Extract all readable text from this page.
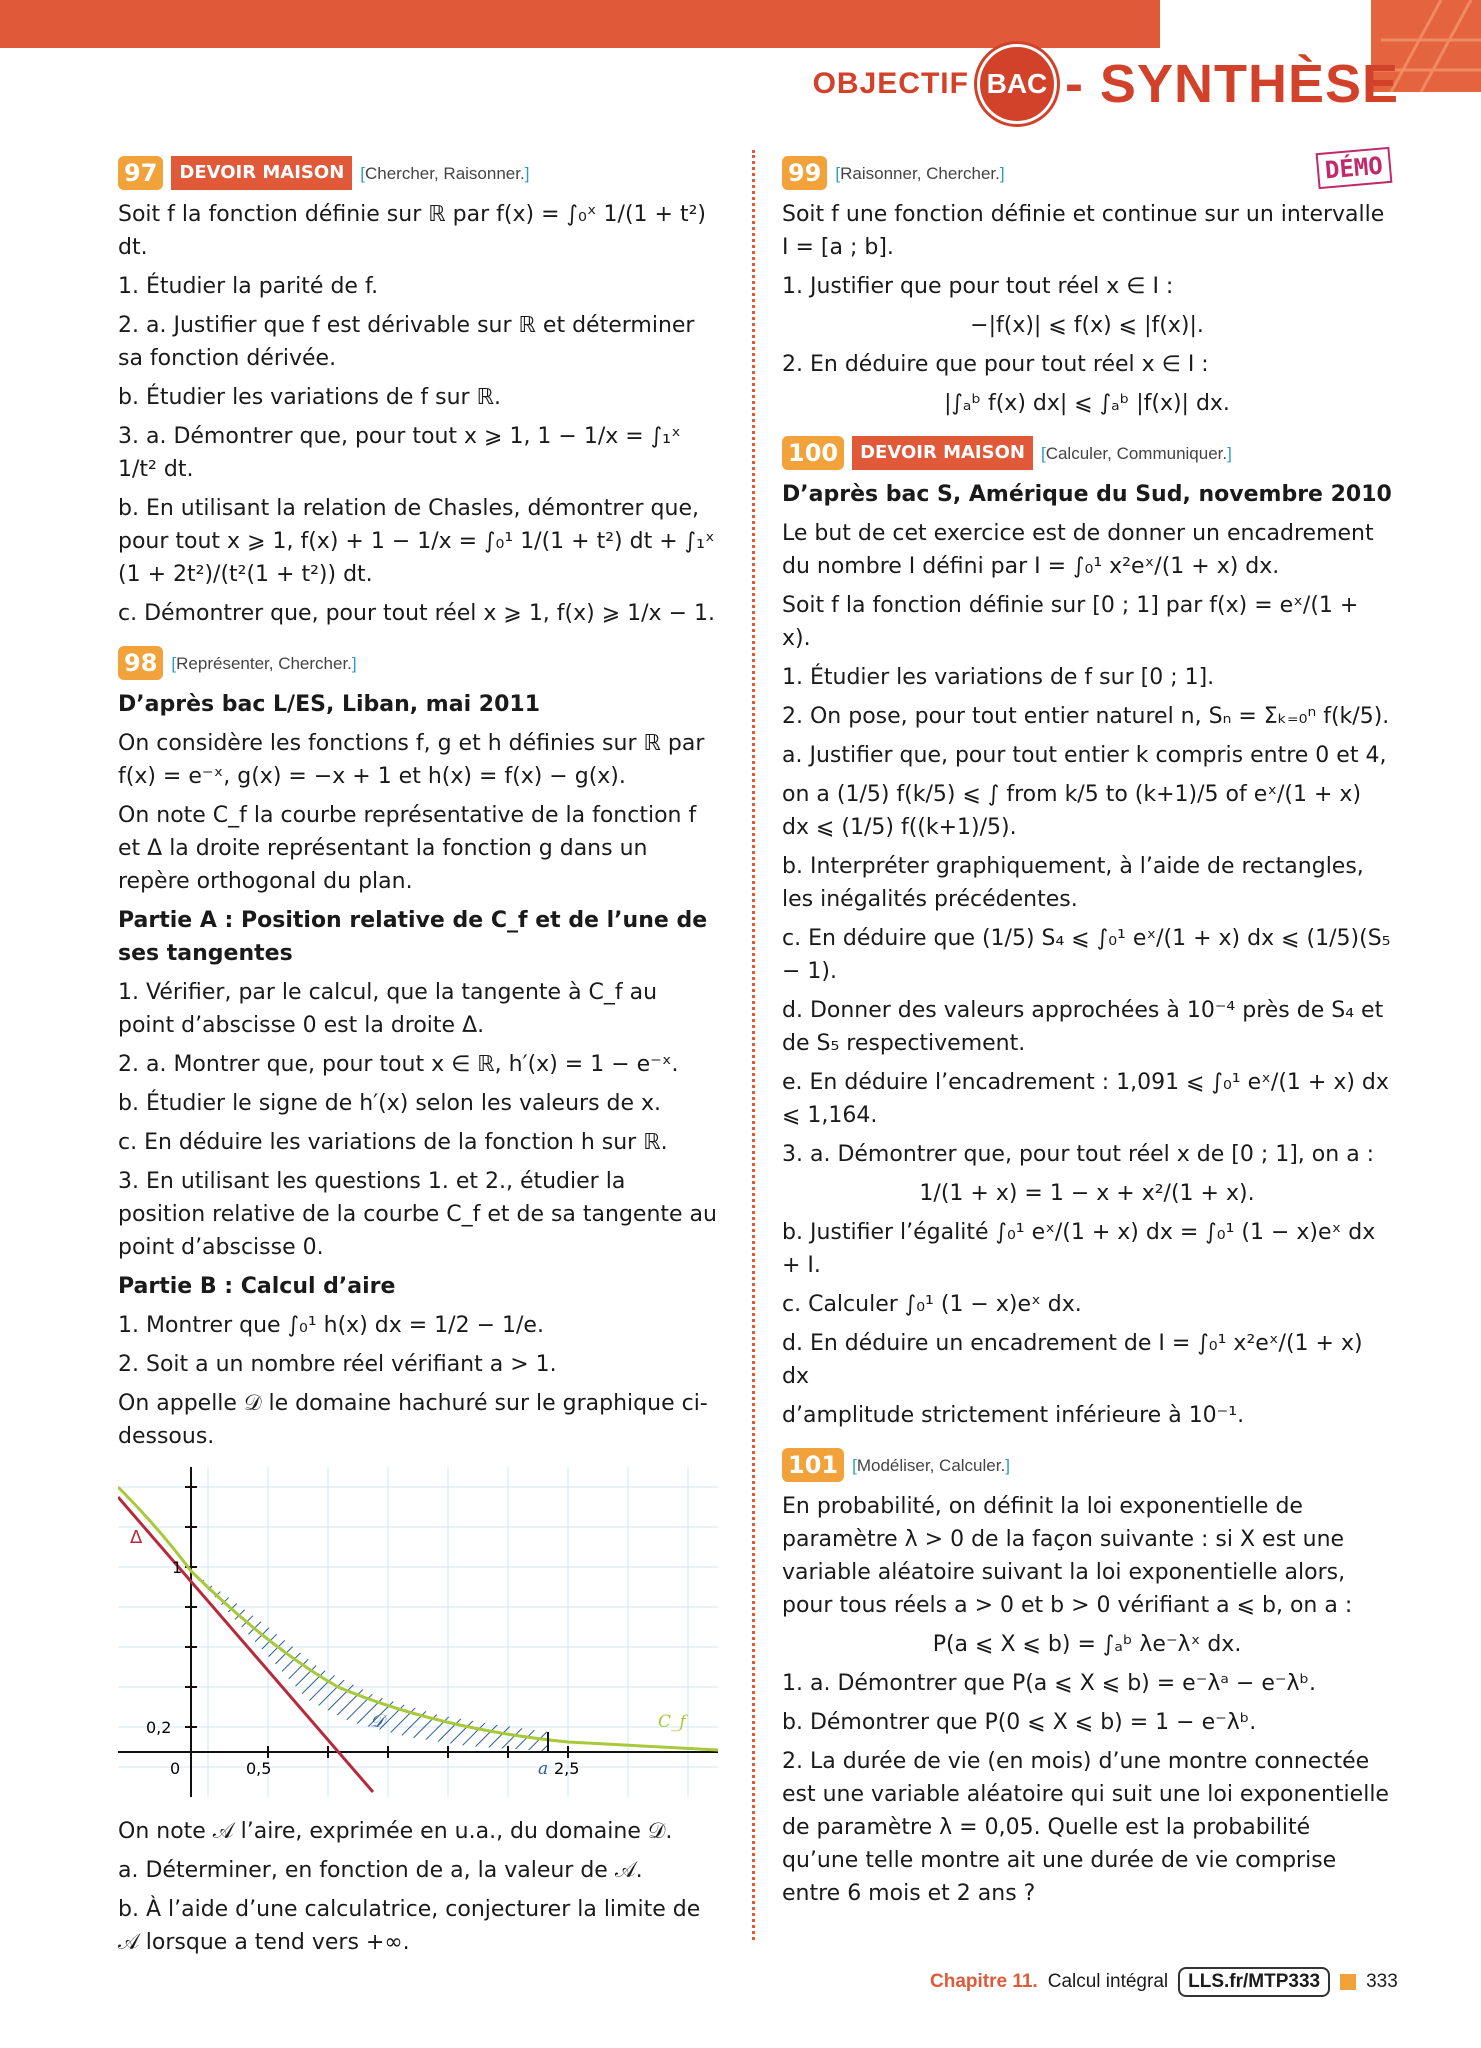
OBJECTIF BAC - SYNTHÈSE
97	DEVOIR MAISON	[ Chercher, Raisonner. ]

Soit f la fonction définie sur ℝ par f(x) = ∫₀ˣ 1/(1 + t²) dt.

1. Étudier la parité de f.

2. a. Justifier que f est dérivable sur ℝ et déterminer sa fonction dérivée.

b. Étudier les variations de f sur ℝ.

3. a. Démontrer que, pour tout x ⩾ 1, 1 − 1/x = ∫₁ˣ 1/t² dt.

b. En utilisant la relation de Chasles, démontrer que, pour tout x ⩾ 1, f(x) + 1 − 1/x = ∫₀¹ 1/(1 + t²) dt + ∫₁ˣ (1 + 2t²)/(t²(1 + t²)) dt.

c. Démontrer que, pour tout réel x ⩾ 1, f(x) ⩾ 1/x − 1.

98	[ Représenter, Chercher. ]

D’après bac L/ES, Liban, mai 2011

On considère les fonctions f, g et h définies sur ℝ par f(x) = e⁻ˣ, g(x) = −x + 1 et h(x) = f(x) − g(x).

On note C_f la courbe représentative de la fonction f et Δ la droite représentant la fonction g dans un repère orthogonal du plan.

Partie A : Position relative de C_f et de l’une de ses tangentes

1. Vérifier, par le calcul, que la tangente à C_f au point d’abscisse 0 est la droite Δ.

2. a. Montrer que, pour tout x ∈ ℝ, h′(x) = 1 − e⁻ˣ.

b. Étudier le signe de h′(x) selon les valeurs de x.

c. En déduire les variations de la fonction h sur ℝ.

3. En utilisant les questions 1. et 2., étudier la position relative de la courbe C_f et de sa tangente au point d’abscisse 0.

Partie B : Calcul d’aire

1. Montrer que ∫₀¹ h(x) dx = 1/2 − 1/e.

2. Soit a un nombre réel vérifiant a > 1.

On appelle 𝒟 le domaine hachuré sur le graphique ci-dessous.

Δ
1
0,2
0	0,5	a 2,5
𝒟	C_f

On note 𝒜 l’aire, exprimée en u.a., du domaine 𝒟.

a. Déterminer, en fonction de a, la valeur de 𝒜.

b. À l’aide d’une calculatrice, conjecturer la limite de 𝒜 lorsque a tend vers +∞.

DÉMO
99	[ Raisonner, Chercher. ]

Soit f une fonction définie et continue sur un intervalle I = [a ; b].

1. Justifier que pour tout réel x ∈ I :

−|f(x)| ⩽ f(x) ⩽ |f(x)|.

2. En déduire que pour tout réel x ∈ I :

|∫ₐᵇ f(x) dx| ⩽ ∫ₐᵇ |f(x)| dx.

100	DEVOIR MAISON	[ Calculer, Communiquer. ]

D’après bac S, Amérique du Sud, novembre 2010

Le but de cet exercice est de donner un encadrement du nombre I défini par I = ∫₀¹ x²eˣ/(1 + x) dx.

Soit f la fonction définie sur [0 ; 1] par f(x) = eˣ/(1 + x).

1. Étudier les variations de f sur [0 ; 1].

2. On pose, pour tout entier naturel n, Sₙ = Σₖ₌₀ⁿ f(k/5).

a. Justifier que, pour tout entier k compris entre 0 et 4,

on a (1/5) f(k/5) ⩽ ∫ from k/5 to (k+1)/5 of eˣ/(1 + x) dx ⩽ (1/5) f((k+1)/5).

b. Interpréter graphiquement, à l’aide de rectangles, les inégalités précédentes.

c. En déduire que (1/5) S₄ ⩽ ∫₀¹ eˣ/(1 + x) dx ⩽ (1/5)(S₅ − 1).

d. Donner des valeurs approchées à 10⁻⁴ près de S₄ et de S₅ respectivement.

e. En déduire l’encadrement : 1,091 ⩽ ∫₀¹ eˣ/(1 + x) dx ⩽ 1,164.

3. a. Démontrer que, pour tout réel x de [0 ; 1], on a :

1/(1 + x) = 1 − x + x²/(1 + x).

b. Justifier l’égalité ∫₀¹ eˣ/(1 + x) dx = ∫₀¹ (1 − x)eˣ dx + I.

c. Calculer ∫₀¹ (1 − x)eˣ dx.

d. En déduire un encadrement de I = ∫₀¹ x²eˣ/(1 + x) dx

d’amplitude strictement inférieure à 10⁻¹.

101	[ Modéliser, Calculer. ]

En probabilité, on définit la loi exponentielle de paramètre λ > 0 de la façon suivante : si X est une variable aléatoire suivant la loi exponentielle alors, pour tous réels a > 0 et b > 0 vérifiant a ⩽ b, on a :

P(a ⩽ X ⩽ b) = ∫ₐᵇ λe⁻λˣ dx.

1. a. Démontrer que P(a ⩽ X ⩽ b) = e⁻λᵃ − e⁻λᵇ.

b. Démontrer que P(0 ⩽ X ⩽ b) = 1 − e⁻λᵇ.

2. La durée de vie (en mois) d’une montre connectée est une variable aléatoire qui suit une loi exponentielle de paramètre λ = 0,05. Quelle est la probabilité qu’une telle montre ait une durée de vie comprise entre 6 mois et 2 ans ?

Chapitre 11. Calcul intégral	LLS.fr/MTP333	333
